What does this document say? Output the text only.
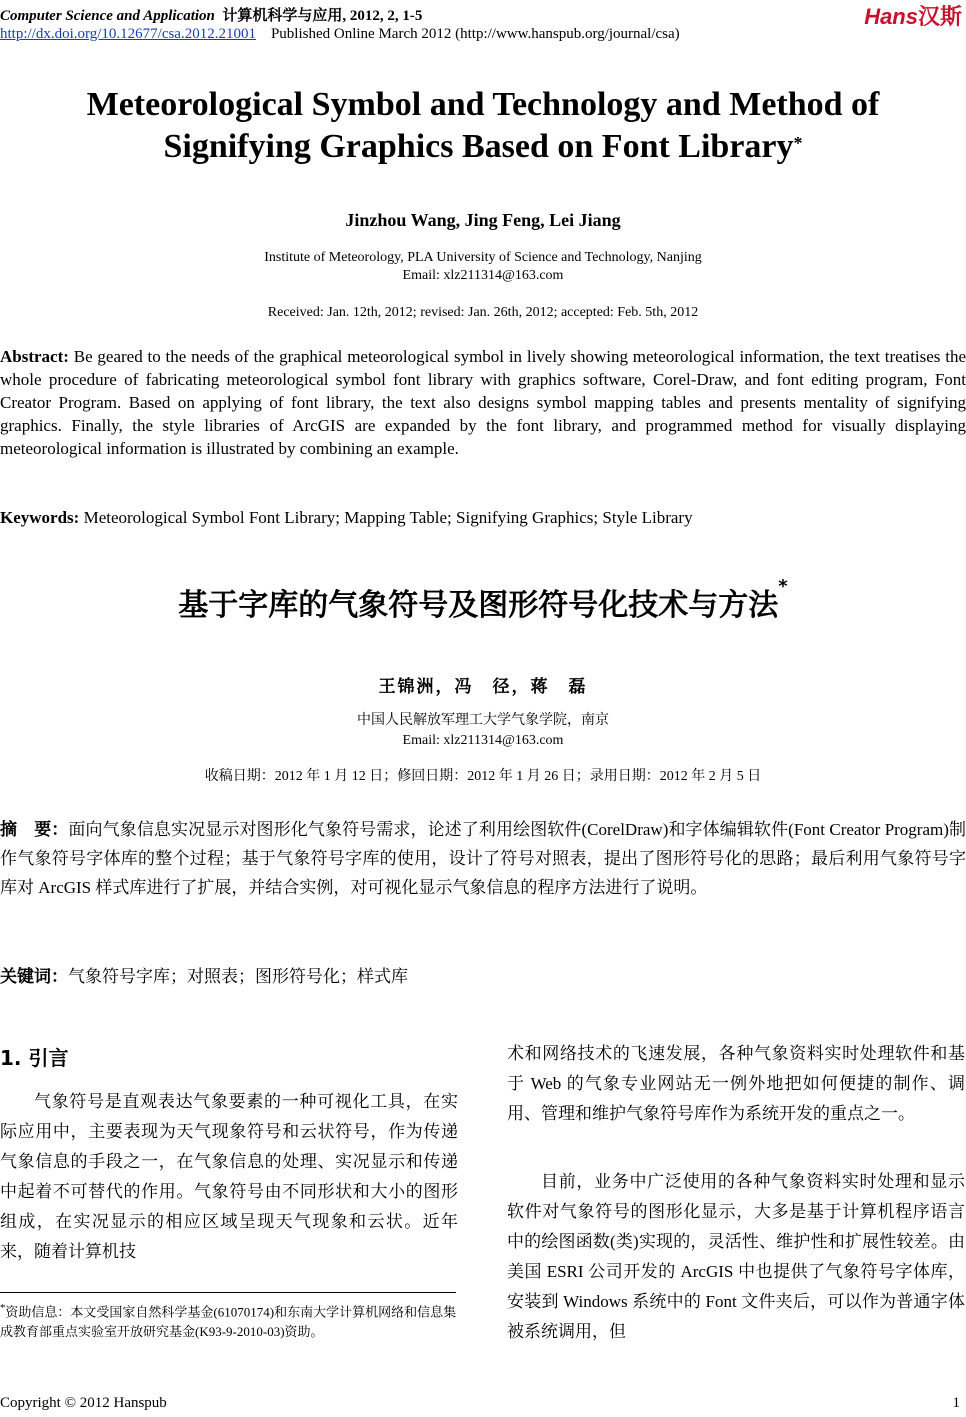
Computer Science and Application 计算机科学与应用, 2012, 2, 1-5	Hans汉斯
http://dx.doi.org/10.12677/csa.2012.21001 Published Online March 2012 (http://www.hanspub.org/journal/csa)
Meteorological Symbol and Technology and Method of
Signifying Graphics Based on Font Library*
Jinzhou Wang, Jing Feng, Lei Jiang
Institute of Meteorology, PLA University of Science and Technology, Nanjing
Email: xlz211314@163.com
Received: Jan. 12th, 2012; revised: Jan. 26th, 2012; accepted: Feb. 5th, 2012
Abstract: Be geared to the needs of the graphical meteorological symbol in lively showing meteorological information, the text treatises the whole procedure of fabricating meteorological symbol font library with graphics software, Corel-Draw, and font editing program, Font Creator Program. Based on applying of font library, the text also designs symbol mapping tables and presents mentality of signifying graphics. Finally, the style libraries of ArcGIS are expanded by the font library, and programmed method for visually displaying meteorological information is illustrated by combining an example.
Keywords: Meteorological Symbol Font Library; Mapping Table; Signifying Graphics; Style Library
基于字库的气象符号及图形符号化技术与方法*
王锦洲，冯　径，蒋　磊
中国人民解放军理工大学气象学院，南京
Email: xlz211314@163.com
收稿日期：2012 年 1 月 12 日；修回日期：2012 年 1 月 26 日；录用日期：2012 年 2 月 5 日
摘　要：面向气象信息实况显示对图形化气象符号需求，论述了利用绘图软件(CorelDraw)和字体编辑软件(Font Creator Program)制作气象符号字体库的整个过程；基于气象符号字库的使用，设计了符号对照表，提出了图形符号化的思路；最后利用气象符号字库对 ArcGIS 样式库进行了扩展，并结合实例，对可视化显示气象信息的程序方法进行了说明。
关键词：气象符号字库；对照表；图形符号化；样式库
1. 引言
气象符号是直观表达气象要素的一种可视化工具，在实际应用中，主要表现为天气现象符号和云状符号，作为传递气象信息的手段之一，在气象信息的处理、实况显示和传递中起着不可替代的作用。气象符号由不同形状和大小的图形组成，在实况显示的相应区域呈现天气现象和云状。近年来，随着计算机技
术和网络技术的飞速发展，各种气象资料实时处理软件和基于 Web 的气象专业网站无一例外地把如何便捷的制作、调用、管理和维护气象符号库作为系统开发的重点之一。
目前，业务中广泛使用的各种气象资料实时处理和显示软件对气象符号的图形化显示，大多是基于计算机程序语言中的绘图函数(类)实现的，灵活性、维护性和扩展性较差。由美国 ESRI 公司开发的 ArcGIS 中也提供了气象符号字体库，安装到 Windows 系统中的 Font 文件夹后，可以作为普通字体被系统调用，但
*资助信息：本文受国家自然科学基金(61070174)和东南大学计算机网络和信息集成教育部重点实验室开放研究基金(K93-9-2010-03)资助。
Copyright © 2012 Hanspub	1
